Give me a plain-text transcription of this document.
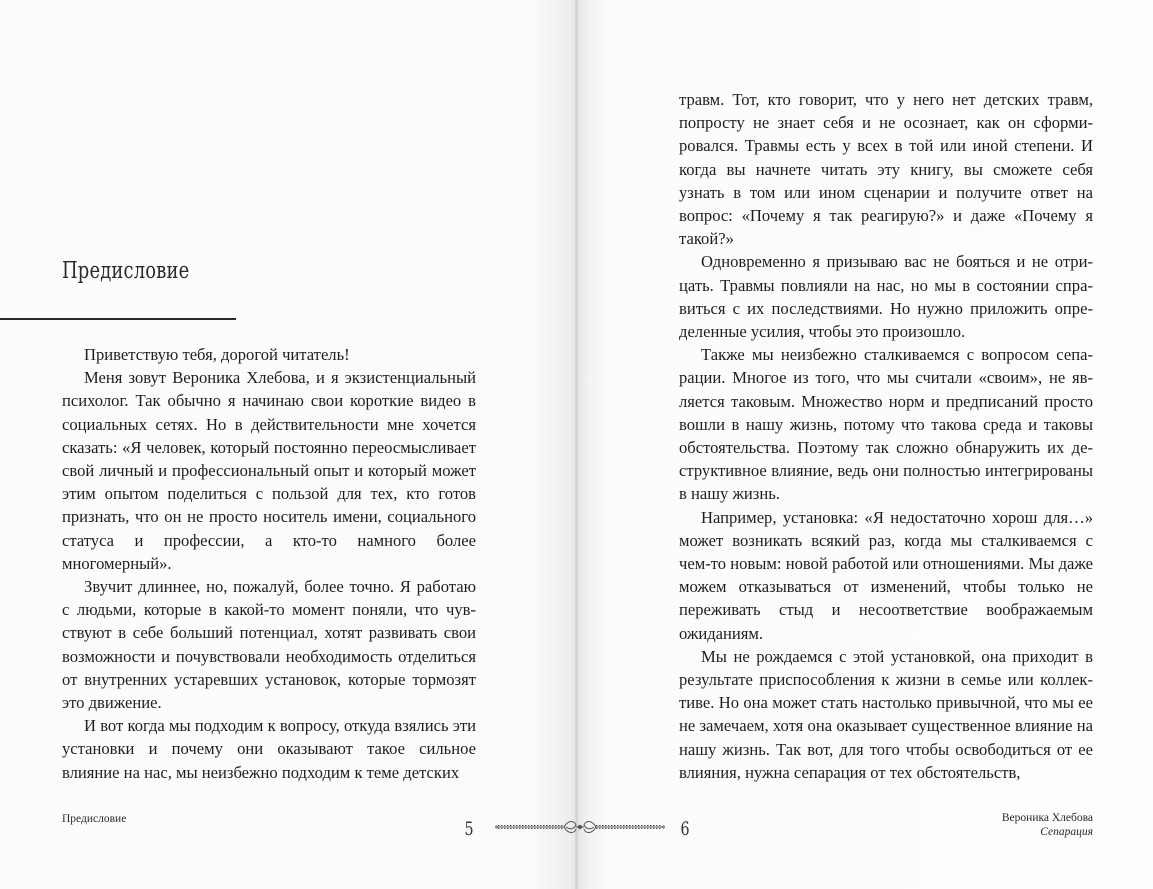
Предисловие

Приветствую тебя, дорогой читатель!

Меня зовут Вероника Хлебова, и я экзистенциальный психолог. Так обычно я начинаю свои короткие видео в социальных сетях. Но в действительности мне хочется сказать: «Я человек, который постоянно переосмысливает свой личный и профессиональный опыт и который может этим опытом поделиться с пользой для тех, кто готов признать, что он не просто носитель имени, социального статуса и профессии, а кто-то намного более многомерный».

Звучит длиннее, но, пожалуй, более точно. Я работаю с людьми, которые в какой-то момент поняли, что чувствуют в себе больший потенциал, хотят развивать свои возможности и почувствовали необходимость отделиться от внутренних устаревших установок, которые тормозят это движение.

И вот когда мы подходим к вопросу, откуда взялись эти установки и почему они оказывают такое сильное влияние на нас, мы неизбежно подходим к теме детских

Предисловие	5

травм. Тот, кто говорит, что у него нет детских травм, попросту не знает себя и не осознает, как он сформировался. Травмы есть у всех в той или иной степени. И когда вы начнете читать эту книгу, вы сможете себя узнать в том или ином сценарии и получите ответ на вопрос: «Почему я так реагирую?» и даже «Почему я такой?»

Одновременно я призываю вас не бояться и не отрицать. Травмы повлияли на нас, но мы в состоянии справиться с их последствиями. Но нужно приложить определенные усилия, чтобы это произошло.

Также мы неизбежно сталкиваемся с вопросом сепарации. Многое из того, что мы считали «своим», не является таковым. Множество норм и предписаний просто вошли в нашу жизнь, потому что такова среда и таковы обстоятельства. Поэтому так сложно обнаружить их деструктивное влияние, ведь они полностью интегрированы в нашу жизнь.

Например, установка: «Я недостаточно хорош для…» может возникать всякий раз, когда мы сталкиваемся с чем-то новым: новой работой или отношениями. Мы даже можем отказываться от изменений, чтобы только не переживать стыд и несоответствие воображаемым ожиданиям.

Мы не рождаемся с этой установкой, она приходит в результате приспособления к жизни в семье или коллективе. Но она может стать настолько привычной, что мы ее не замечаем, хотя она оказывает существенное влияние на нашу жизнь. Так вот, для того чтобы освободиться от ее влияния, нужна сепарация от тех обстоятельств,

6	Вероника Хлебова
Сепарация
